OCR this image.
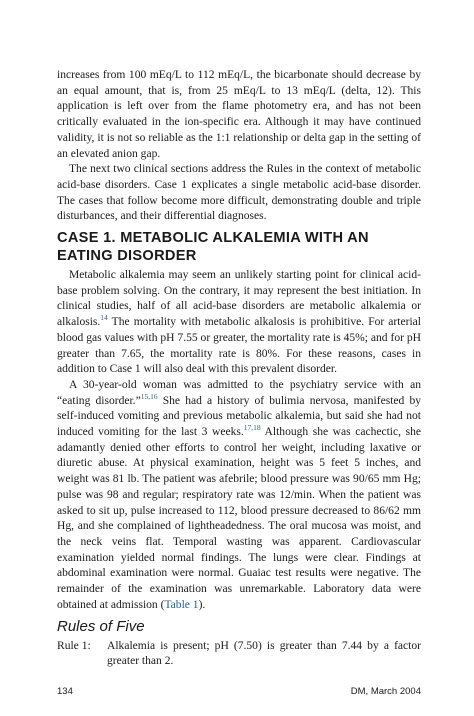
increases from 100 mEq/L to 112 mEq/L, the bicarbonate should decrease by an equal amount, that is, from 25 mEq/L to 13 mEq/L (delta, 12). This application is left over from the flame photometry era, and has not been critically evaluated in the ion-specific era. Although it may have continued validity, it is not so reliable as the 1:1 relationship or delta gap in the setting of an elevated anion gap.

The next two clinical sections address the Rules in the context of metabolic acid-base disorders. Case 1 explicates a single metabolic acid-base disorder. The cases that follow become more difficult, demonstrating double and triple disturbances, and their differential diagnoses.

CASE 1. METABOLIC ALKALEMIA WITH AN EATING DISORDER

Metabolic alkalemia may seem an unlikely starting point for clinical acid-base problem solving. On the contrary, it may represent the best initiation. In clinical studies, half of all acid-base disorders are metabolic alkalemia or alkalosis.$^{14}$ The mortality with metabolic alkalosis is prohibitive. For arterial blood gas values with pH 7.55 or greater, the mortality rate is 45%; and for pH greater than 7.65, the mortality rate is 80%. For these reasons, cases in addition to Case 1 will also deal with this prevalent disorder.

A 30-year-old woman was admitted to the psychiatry service with an “eating disorder.”$^{15,16}$ She had a history of bulimia nervosa, manifested by self-induced vomiting and previous metabolic alkalemia, but said she had not induced vomiting for the last 3 weeks.$^{17,18}$ Although she was cachectic, she adamantly denied other efforts to control her weight, including laxative or diuretic abuse. At physical examination, height was 5 feet 5 inches, and weight was 81 lb. The patient was afebrile; blood pressure was 90/65 mm Hg; pulse was 98 and regular; respiratory rate was 12/min. When the patient was asked to sit up, pulse increased to 112, blood pressure decreased to 86/62 mm Hg, and she complained of lightheadedness. The oral mucosa was moist, and the neck veins flat. Temporal wasting was apparent. Cardiovascular examination yielded normal findings. The lungs were clear. Findings at abdominal examination were normal. Guaiac test results were negative. The remainder of the examination was unremarkable. Laboratory data were obtained at admission (Table 1).

Rules of Five
Rule 1:	Alkalemia is present; pH (7.50) is greater than 7.44 by a factor greater than 2.
134	DM, March 2004
